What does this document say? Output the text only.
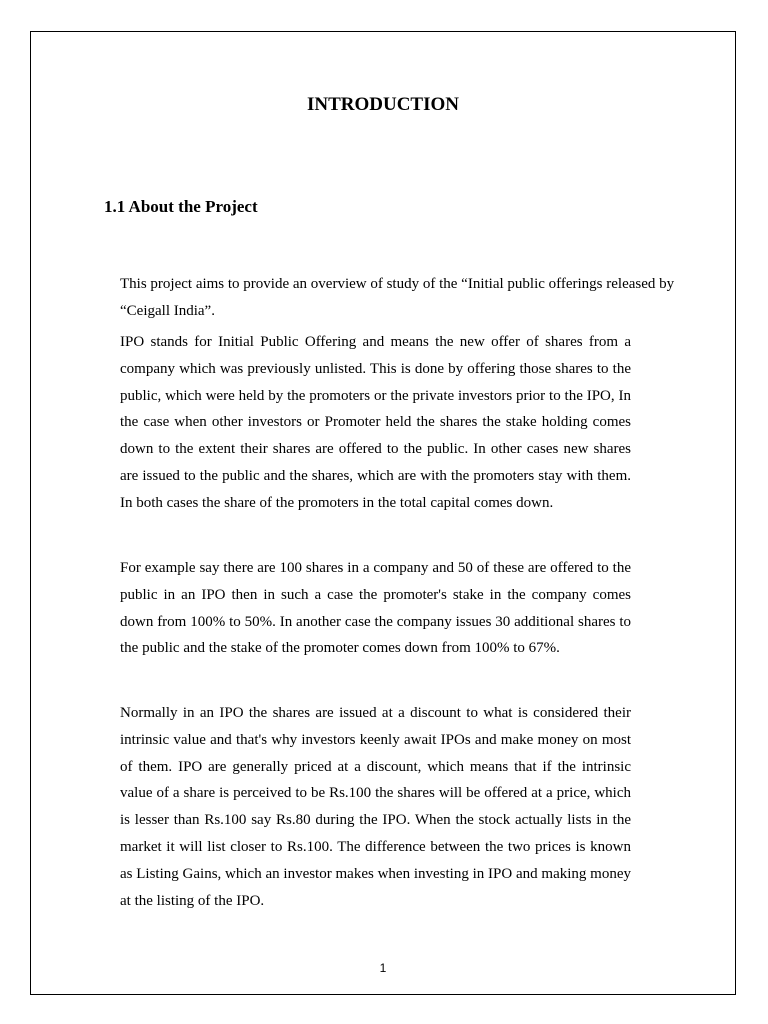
INTRODUCTION
1.1 About the Project

This project aims to provide an overview of study of the “Initial public offerings released by “Ceigall India”.

IPO stands for Initial Public Offering and means the new offer of shares from a company which was previously unlisted. This is done by offering those shares to the public, which were held by the promoters or the private investors prior to the IPO, In the case when other investors or Promoter held the shares the stake holding comes down to the extent their shares are offered to the public. In other cases new shares are issued to the public and the shares, which are with the promoters stay with them. In both cases the share of the promoters in the total capital comes down.

For example say there are 100 shares in a company and 50 of these are offered to the public in an IPO then in such a case the promoter's stake in the company comes down from 100% to 50%. In another case the company issues 30 additional shares to the public and the stake of the promoter comes down from 100% to 67%.

Normally in an IPO the shares are issued at a discount to what is considered their intrinsic value and that's why investors keenly await IPOs and make money on most of them. IPO are generally priced at a discount, which means that if the intrinsic value of a share is perceived to be Rs.100 the shares will be offered at a price, which is lesser than Rs.100 say Rs.80 during the IPO. When the stock actually lists in the market it will list closer to Rs.100. The difference between the two prices is known as Listing Gains, which an investor makes when investing in IPO and making money at the listing of the IPO.

1
